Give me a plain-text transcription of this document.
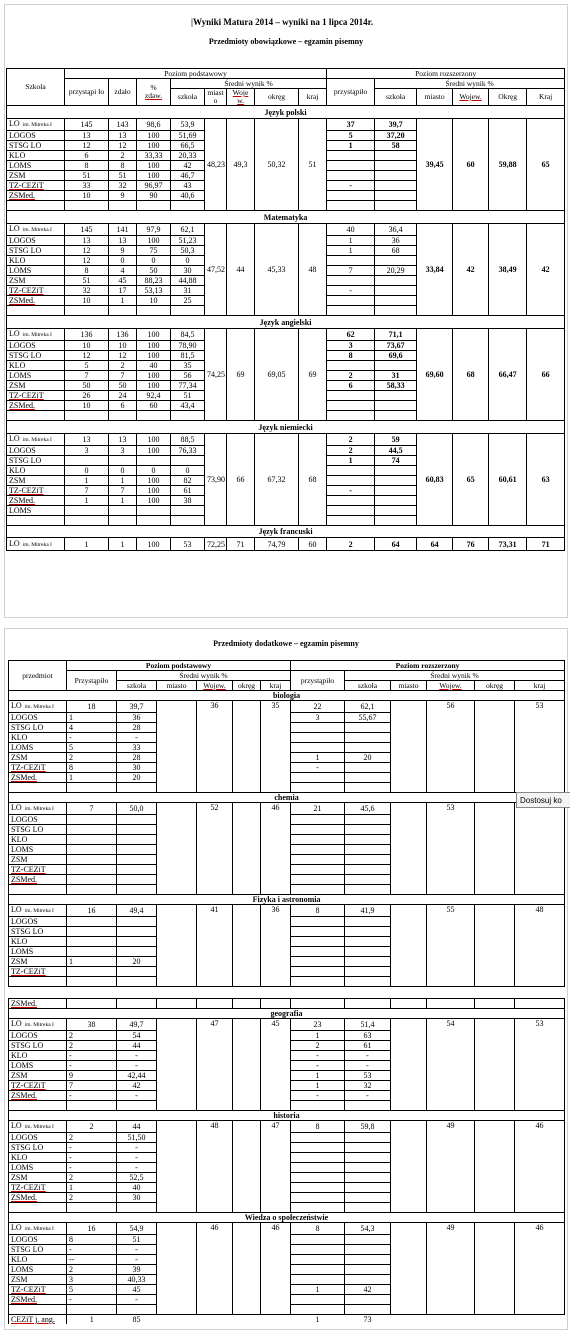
|Wyniki Matura 2014 – wyniki na 1 lipca 2014r.
Przedmioty obowiązkowe – egzamin pisemny
Przedmioty dodatkowe – egzamin pisemny
Szkoła	Poziom podstawowy								Poziom rozszerzony					
	przystąpi ło	zdało	%
zdaw.	Średni wynik %					przystąpiło	Średni wynik %				
				szkoła	miast o	Woje w.	okręg	kraj		szkoła	miasto	Wojew.	Okręg	Kraj
Język polski														
LO im. Mitreka I	145	143	98,6	53,9	48,23	49,3	50,32	51	37	39,7	39,45	60	59,88	65
LOGOS	13	13	100	51,69					5	37,20				
STSG LO	12	12	100	66,5					1	58				
KLO	6	2	33,33	20,33										
LOMS	8	8	100	42										
ZSM	51	51	100	46,7										
TZ-CEZiT	33	32	96,97	43					-					
ZSMed.	10	9	90	40,6										

Matematyka														
LO im. Mitreka I	145	141	97,9	62,1	47,52	44	45,33	48	40	36,4	33,84	42	38,49	42
LOGOS	13	13	100	51,23					1	36				
STSG LO	12	9	75	50,3					1	68				
KLO	12	0	0	0										
LOMS	8	4	50	30					7	20,29				
ZSM	51	45	88,23	44,88										
TZ-CEZiT	32	17	53,13	31					-					
ZSMed.	10	1	10	25										

Język angielski														
LO im. Mitreka I	136	136	100	84,5	74,25	69	69,05	69	62	71,1	69,60	68	66,47	66
LOGOS	10	10	100	78,90					3	73,67				
STSG LO	12	12	100	81,5					8	69,6				
KLO	5	2	40	35										
LOMS	7	7	100	56					2	31				
ZSM	50	50	100	77,34					6	58,33				
TZ-CEZiT	26	24	92,4	51										
ZSMed.	10	6	60	43,4										

Język niemiecki														
LO im. Mitreka I	13	13	100	88,5	73,90	66	67,32	68	2	59	60,83	65	60,61	63
LOGOS	3	3	100	76,33					2	44,5				
STSG LO									1	74				
KLO	0	0	0	0										
ZSM	1	1	100	82										
TZ-CEZiT	7	7	100	61					-					
ZSMed.	1	1	100	38										
LOMS														

Język francuski														
LO im. Mitreka I	1	1	100	53	72,25	71	74,79	60	2	64	64	76	73,31	71
przedmiot	Poziom podstawowy						Poziom rozszerzony					
	Przystąpiło	Średni wynik %					przystąpiło	Średni wynik %				
		szkoła	miasto	Wojew.	okręg	kraj		szkoła	miasto	Wojew.	okręg	kraj
biologia												
LO im. Mitreka I	18	39,7		36		35	22	62,1		56		53
LOGOS	1	36					3	55,67				
STSG LO	4	28										
KLO	-	-										
LOMS	5	33										
ZSM	2	28					1	20				
TZ-CEZiT	8	30					-					
ZSMed.	1	20										

chemia												
LO im. Mitreka I	7	50,0		52		46	21	45,6		53		
LOGOS												
STSG LO												
KLO												
LOMS												
ZSM												
TZ-CEZiT												
ZSMed.												

Fizyka i astronomia												
LO im. Mitreka I	16	49,4		41		36	8	41,9		55		48
LOGOS												
STSG LO												
KLO												
LOMS												
ZSM	1	20										
TZ-CEZiT												

ZSMed.												
geografia												
LO im. Mitreka I	38	49,7		47		45	23	51,4		54		53
LOGOS	2	54					1	63				
STSG LO	2	44					2	61				
KLO	-	-					-	-				
LOMS	-	-					-	-				
ZSM	9	42,44					1	53				
TZ-CEZiT	7	42					1	32				
ZSMed.	-	-					-	-				

historia												
LO im. Mitreka I	2	44		48		47	8	59,8		49		46
LOGOS	2	51,50										
STSG LO	-	-										
KLO	-	-										
LOMS	-	-										
ZSM	2	52,5										
TZ-CEZiT	1	40										
ZSMed.	2	30										

Wiedza o społeczeństwie												
LO im. Mitreka I	16	54,9		46		46	8	54,3		49		46
LOGOS	8	51										
STSG LO	-	-										
KLO	--	-										
LOMS	2	39										
ZSM	3	40,33										
TZ-CEZiT	5	45					1	42				
ZSMed.	-	-										

CEZiT j. ang.	1	85					1	73				
Dostosuj ko
